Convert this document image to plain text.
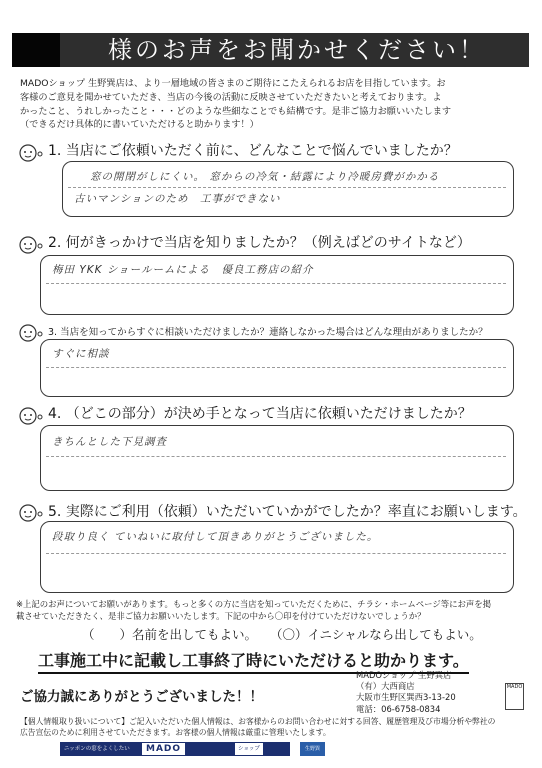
様のお声をお聞かせください！
MADOショップ 生野巽店は、より一層地域の皆さまのご期待にこたえられるお店を目指しています。お
客様のご意見を聞かせていただき、当店の今後の活動に反映させていただきたいと考えております。よ
かったこと、うれしかったこと・・・どのような些細なことでも結構です。是非ご協力お願いいたします
（できるだけ具体的に書いていただけると助かります！）
1. 当店にご依頼いただく前に、どんなことで悩んでいましたか？
窓の開閉がしにくい。 窓からの冷気・結露により冷暖房費がかかる
古いマンションのため　工事ができない
2. 何がきっかけで当店を知りましたか？（例えばどのサイトなど）
梅田 YKK ショールームによる　優良工務店の紹介
3. 当店を知ってからすぐに相談いただけましたか？連絡しなかった場合はどんな理由がありましたか？
すぐに相談
4. （どこの部分）が決め手となって当店に依頼いただけましたか？
きちんとした下見調査
5. 実際にご利用（依頼）いただいていかがでしたか？率直にお願いします。
段取り良く ていねいに取付して頂きありがとうございました。
※上記のお声についてお願いがあります。もっと多くの方に当店を知っていただくために、チラシ・ホームページ等にお声を掲
載させていただきたく、是非ご協力お願いいたします。下記の中から〇印を付けていただけないでしょうか？
（　　）名前を出してもよい。 （〇）イニシャルなら出してもよい。
工事施工中に記載し工事終了時にいただけると助かります。
ご協力誠にありがとうございました！！
MADOショップ 生野巽店
（有）大西商店
大阪市生野区巽西3-13-20
電話：06-6758-0834
MADO
【個人情報取り扱いについて】ご記入いただいた個人情報は、お客様からのお問い合わせに対する回答、履歴管理及び市場分析や弊社の
広告宣伝のために利用させていただきます。お客様の個人情報は厳重に管理いたします。
ニッポンの窓をよくしたい	MADO	ショップ	生野巽
